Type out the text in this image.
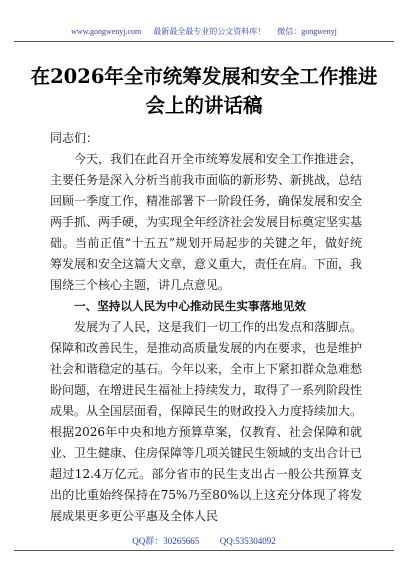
www.gongwenyj.com 最新最全最专业的公文资料库！ 微信：gongwenyj
在2026年全市统筹发展和安全工作推进
会上的讲话稿

同志们：

今天，我们在此召开全市统筹发展和安全工作推进会，主要任务是深入分析当前我市面临的新形势、新挑战，总结回顾一季度工作，精准部署下一阶段任务，确保发展和安全两手抓、两手硬，为实现全年经济社会发展目标奠定坚实基础。当前正值“十五五”规划开局起步的关键之年，做好统筹发展和安全这篇大文章，意义重大，责任在肩。下面，我围绕三个核心主题，讲几点意见。

一、坚持以人民为中心推动民生实事落地见效

发展为了人民，这是我们一切工作的出发点和落脚点。保障和改善民生，是推动高质量发展的内在要求，也是维护社会和谐稳定的基石。今年以来，全市上下紧扣群众急难愁盼问题，在增进民生福祉上持续发力，取得了一系列阶段性成果。从全国层面看，保障民生的财政投入力度持续加大。根据2026年中央和地方预算草案，仅教育、社会保障和就业、卫生健康、住房保障等几项关键民生领域的支出合计已超过12.4万亿元。部分省市的民生支出占一般公共预算支出的比重始终保持在75%乃至80%以上这充分体现了将发展成果更多更公平惠及全体人民

QQ群：30265665 QQ:535304092
